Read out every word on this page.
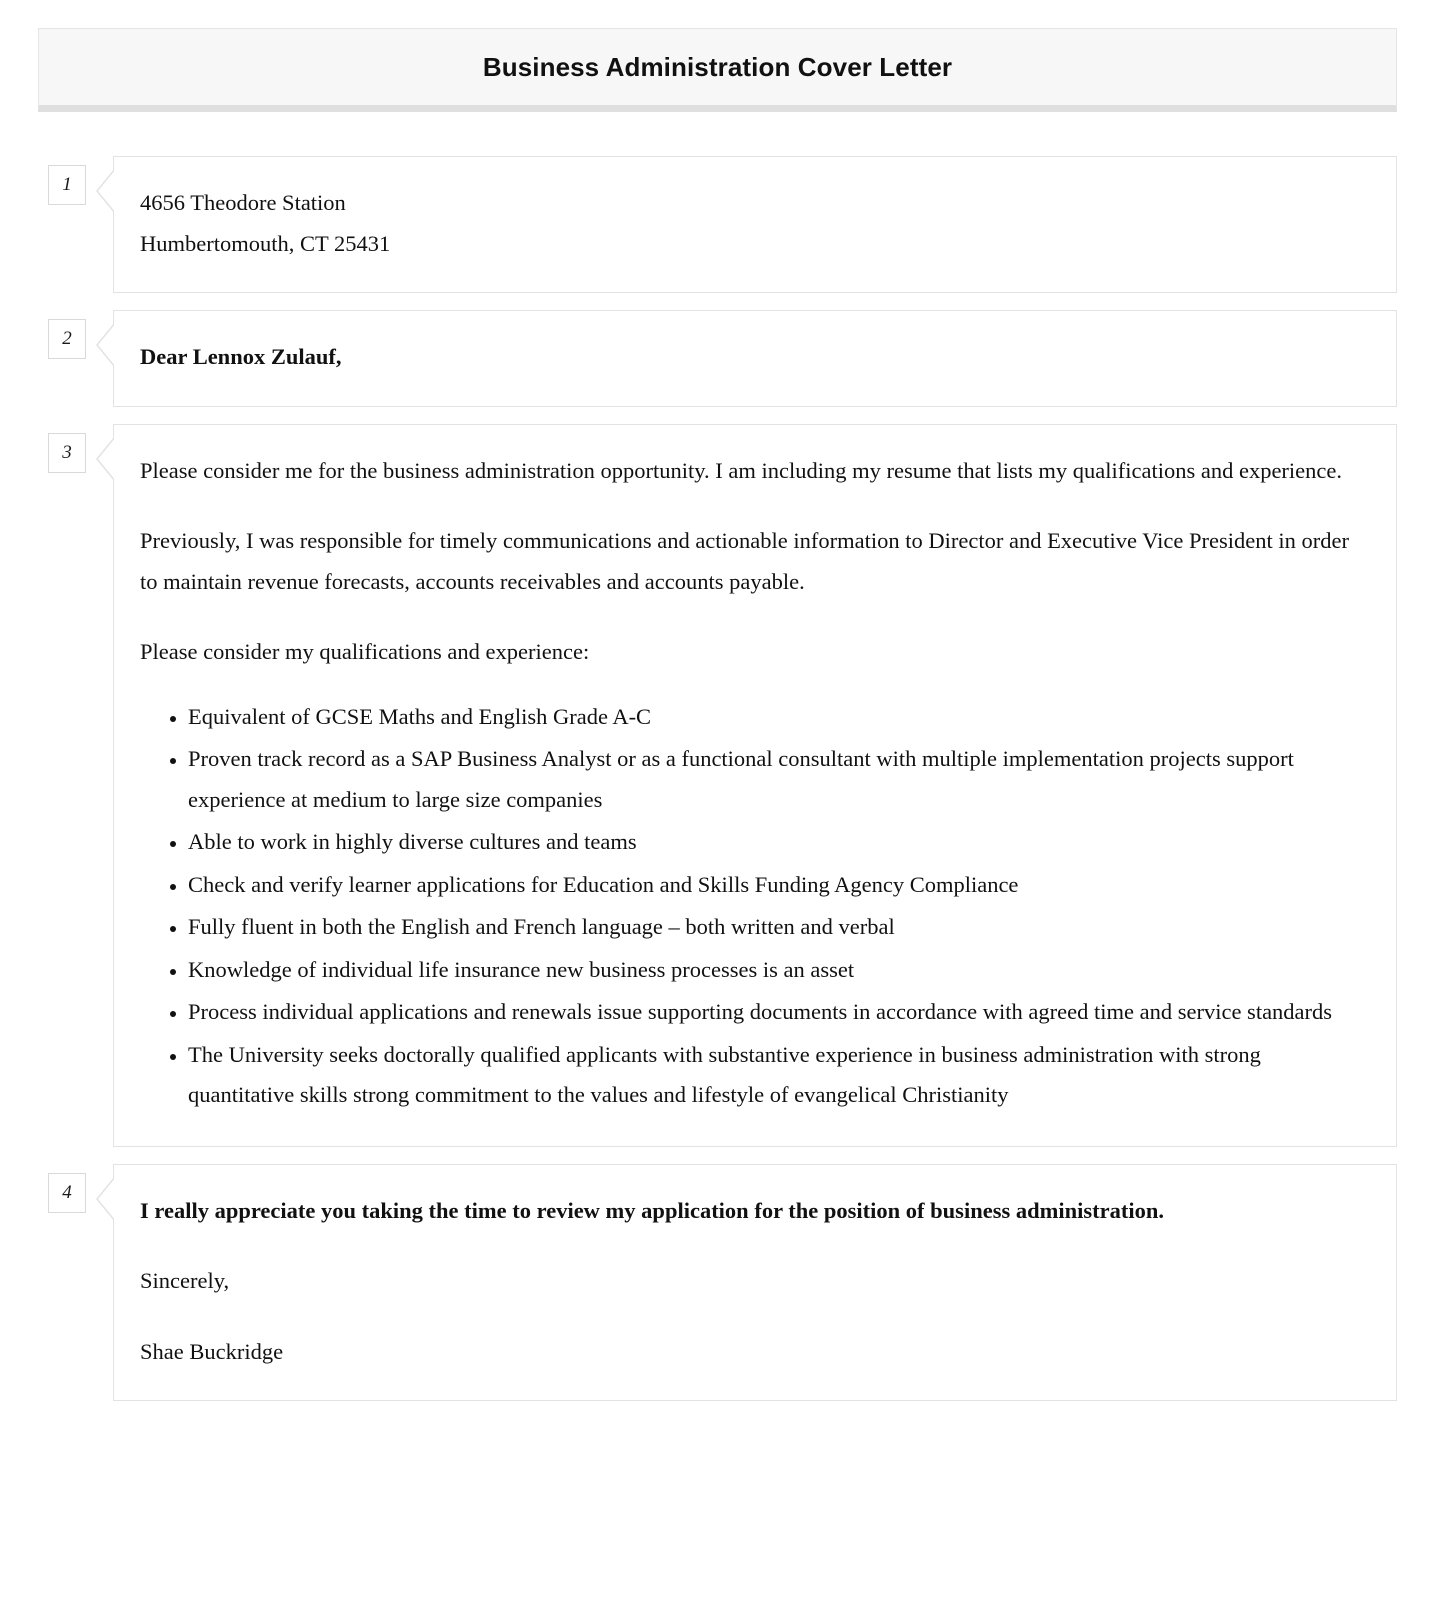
Business Administration Cover Letter
1

4656 Theodore Station

Humbertomouth, CT 25431

2

Dear Lennox Zulauf,

3

Please consider me for the business administration opportunity. I am including my resume that lists my qualifications and experience.

Previously, I was responsible for timely communications and actionable information to Director and Executive Vice President in order to maintain revenue forecasts, accounts receivables and accounts payable.

Please consider my qualifications and experience:

• Equivalent of GCSE Maths and English Grade A-C
• Proven track record as a SAP Business Analyst or as a functional consultant with multiple implementation projects support experience at medium to large size companies
• Able to work in highly diverse cultures and teams
• Check and verify learner applications for Education and Skills Funding Agency Compliance
• Fully fluent in both the English and French language – both written and verbal
• Knowledge of individual life insurance new business processes is an asset
• Process individual applications and renewals issue supporting documents in accordance with agreed time and service standards
• The University seeks doctorally qualified applicants with substantive experience in business administration with strong quantitative skills strong commitment to the values and lifestyle of evangelical Christianity
4

I really appreciate you taking the time to review my application for the position of business administration.

Sincerely,

Shae Buckridge
